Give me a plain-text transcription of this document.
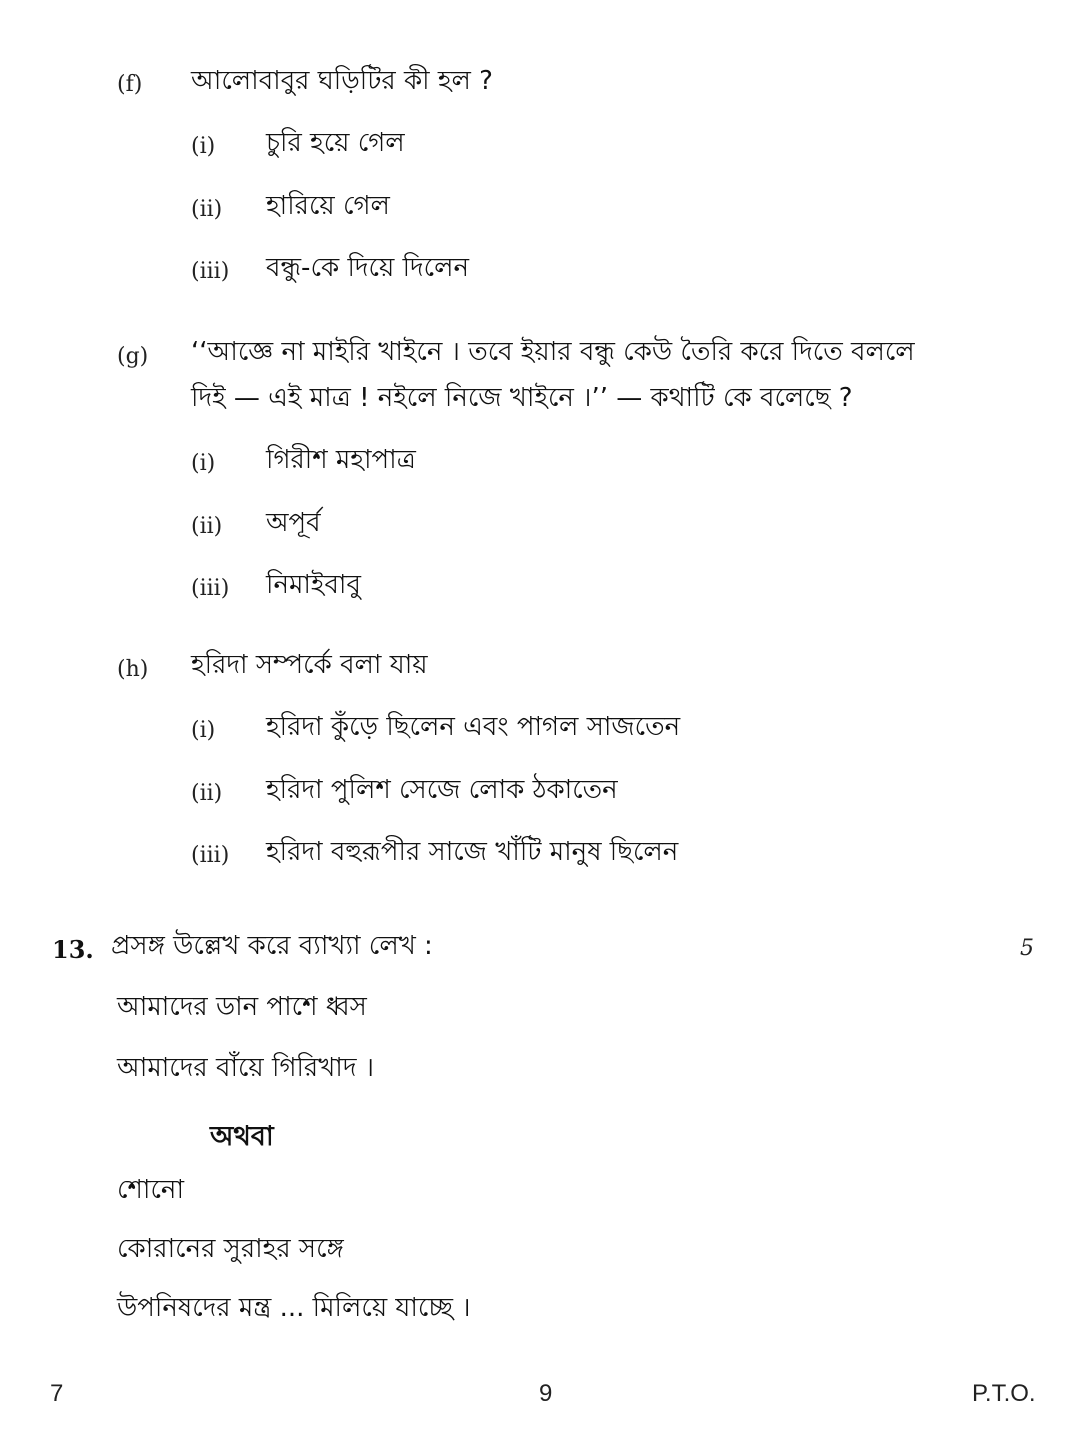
(f) আলোবাবুর ঘড়িটির কী হল ?
(i) চুরি হয়ে গেল
(ii) হারিয়ে গেল
(iii) বন্ধু-কে দিয়ে দিলেন
(g) ‘‘আজ্ঞে না মাইরি খাইনে । তবে ইয়ার বন্ধু কেউ তৈরি করে দিতে বললে
দিই — এই মাত্র ! নইলে নিজে খাইনে ।’’ — কথাটি কে বলেছে ?
(i) গিরীশ মহাপাত্র
(ii) অপূর্ব
(iii) নিমাইবাবু
(h) হরিদা সম্পর্কে বলা যায়
(i) হরিদা কুঁড়ে ছিলেন এবং পাগল সাজতেন
(ii) হরিদা পুলিশ সেজে লোক ঠকাতেন
(iii) হরিদা বহুরূপীর সাজে খাঁটি মানুষ ছিলেন
13. প্রসঙ্গ উল্লেখ করে ব্যাখ্যা লেখ :	5
আমাদের ডান পাশে ধ্বস
আমাদের বাঁয়ে গিরিখাদ ।
অথবা
শোনো
কোরানের সুরাহর সঙ্গে
উপনিষদের মন্ত্র ... মিলিয়ে যাচ্ছে ।
7	9	P.T.O.
